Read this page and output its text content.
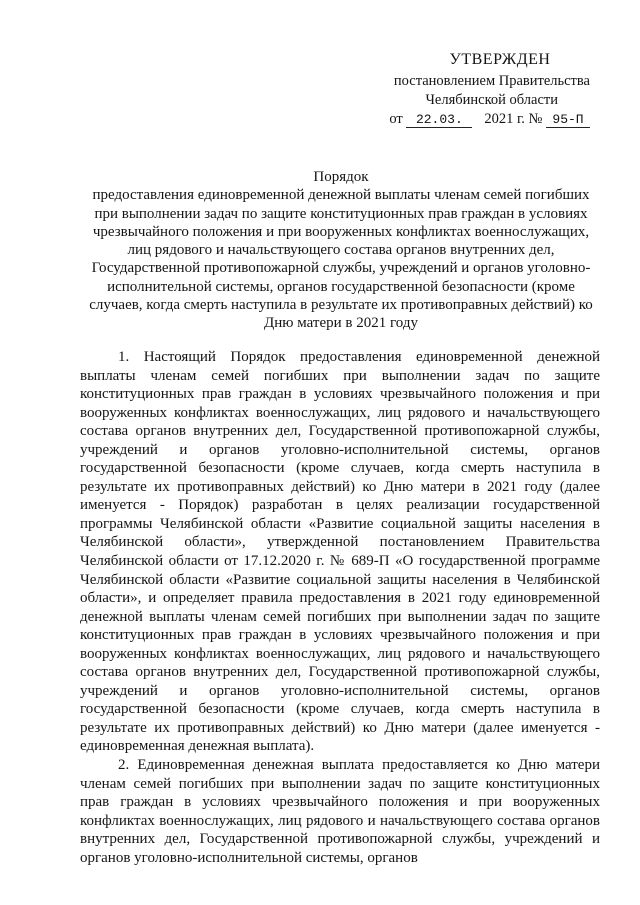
УТВЕРЖДЕН
постановлением Правительства
Челябинской области
от 22.03. 2021 г. № 95-П
Порядок
предоставления единовременной денежной выплаты членам семей погибших при выполнении задач по защите конституционных прав граждан в условиях чрезвычайного положения и при вооруженных конфликтах военнослужащих, лиц рядового и начальствующего состава органов внутренних дел, Государственной противопожарной службы, учреждений и органов уголовно-исполнительной системы, органов государственной безопасности (кроме случаев, когда смерть наступила в результате их противоправных действий) ко Дню матери в 2021 году

1. Настоящий Порядок предоставления единовременной денежной выплаты членам семей погибших при выполнении задач по защите конституционных прав граждан в условиях чрезвычайного положения и при вооруженных конфликтах военнослужащих, лиц рядового и начальствующего состава органов внутренних дел, Государственной противопожарной службы, учреждений и органов уголовно-исполнительной системы, органов государственной безопасности (кроме случаев, когда смерть наступила в результате их противоправных действий) ко Дню матери в 2021 году (далее именуется - Порядок) разработан в целях реализации государственной программы Челябинской области «Развитие социальной защиты населения в Челябинской области», утвержденной постановлением Правительства Челябинской области от 17.12.2020 г. № 689-П «О государственной программе Челябинской области «Развитие социальной защиты населения в Челябинской области», и определяет правила предоставления в 2021 году единовременной денежной выплаты членам семей погибших при выполнении задач по защите конституционных прав граждан в условиях чрезвычайного положения и при вооруженных конфликтах военнослужащих, лиц рядового и начальствующего состава органов внутренних дел, Государственной противопожарной службы, учреждений и органов уголовно-исполнительной системы, органов государственной безопасности (кроме случаев, когда смерть наступила в результате их противоправных действий) ко Дню матери (далее именуется - единовременная денежная выплата).

2. Единовременная денежная выплата предоставляется ко Дню матери членам семей погибших при выполнении задач по защите конституционных прав граждан в условиях чрезвычайного положения и при вооруженных конфликтах военнослужащих, лиц рядового и начальствующего состава органов внутренних дел, Государственной противопожарной службы, учреждений и органов уголовно-исполнительной системы, органов
